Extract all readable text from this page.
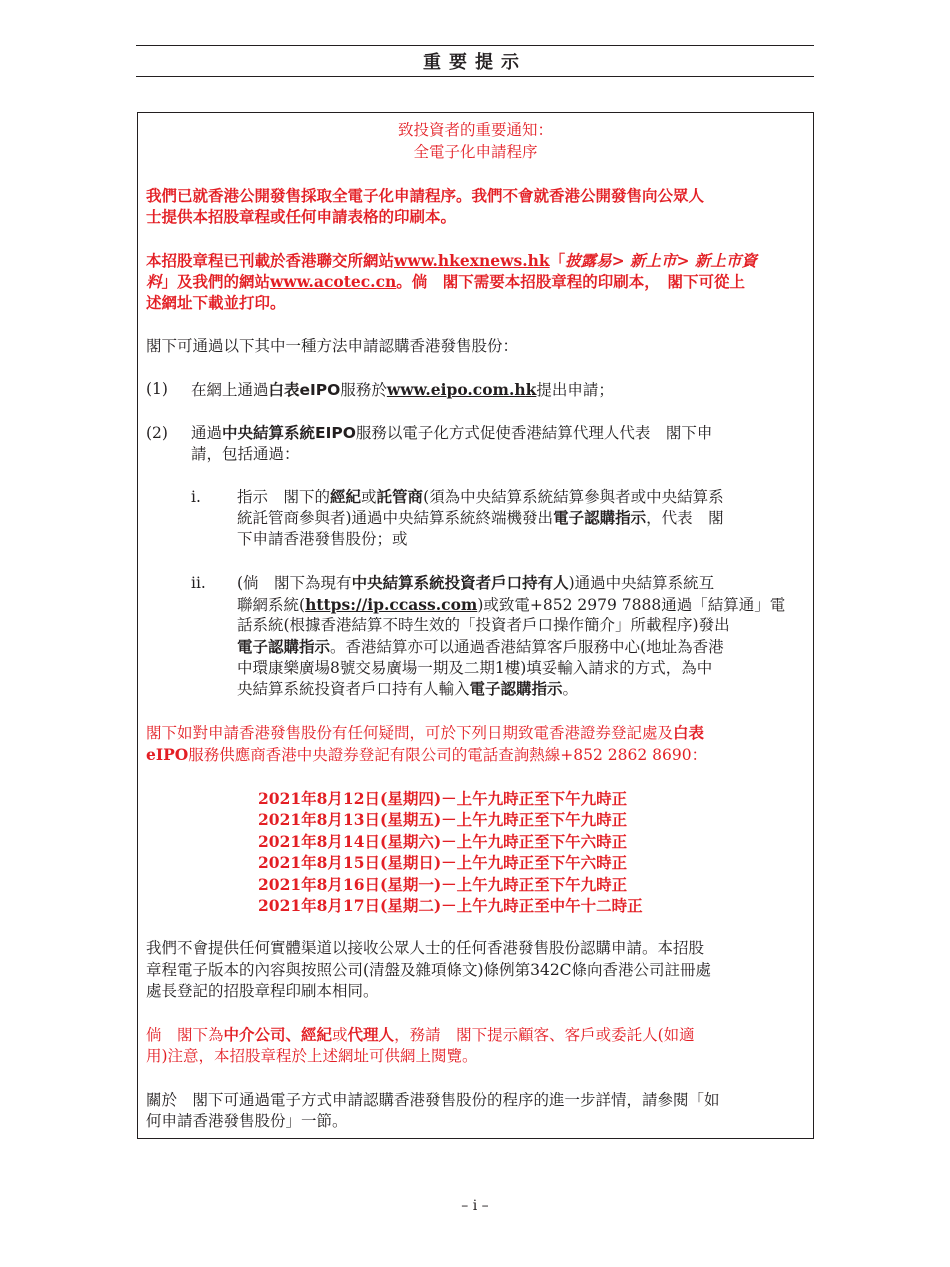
重要提示
致投資者的重要通知：
全電子化申請程序
我們已就香港公開發售採取全電子化申請程序。我們不會就香港公開發售向公眾人
士提供本招股章程或任何申請表格的印刷本。
本招股章程已刊載於香港聯交所網站www.hkexnews.hk「披露易> 新上市> 新上市資
料」及我們的網站www.acotec.cn。倘　閣下需要本招股章程的印刷本，　閣下可從上
述網址下載並打印。
閣下可通過以下其中一種方法申請認購香港發售股份：
(1) 在網上通過白表eIPO服務於www.eipo.com.hk提出申請；
(2) 通過中央結算系統EIPO服務以電子化方式促使香港結算代理人代表　閣下申
請，包括通過：
i. 指示　閣下的經紀或託管商(須為中央結算系統結算參與者或中央結算系
統託管商參與者)通過中央結算系統終端機發出電子認購指示，代表　閣
下申請香港發售股份；或
ii. (倘　閣下為現有中央結算系統投資者戶口持有人)通過中央結算系統互
聯網系統(https://ip.ccass.com)或致電+852 2979 7888通過「結算通」電
話系統(根據香港結算不時生效的「投資者戶口操作簡介」所載程序)發出
電子認購指示。香港結算亦可以通過香港結算客戶服務中心(地址為香港
中環康樂廣場8號交易廣場一期及二期1樓)填妥輸入請求的方式，為中
央結算系統投資者戶口持有人輸入電子認購指示。
閣下如對申請香港發售股份有任何疑問，可於下列日期致電香港證券登記處及白表
eIPO服務供應商香港中央證券登記有限公司的電話查詢熱線+852 2862 8690：
2021年8月12日(星期四)－上午九時正至下午九時正
2021年8月13日(星期五)－上午九時正至下午九時正
2021年8月14日(星期六)－上午九時正至下午六時正
2021年8月15日(星期日)－上午九時正至下午六時正
2021年8月16日(星期一)－上午九時正至下午九時正
2021年8月17日(星期二)－上午九時正至中午十二時正
我們不會提供任何實體渠道以接收公眾人士的任何香港發售股份認購申請。本招股
章程電子版本的內容與按照公司(清盤及雜項條文)條例第342C條向香港公司註冊處
處長登記的招股章程印刷本相同。
倘　閣下為中介公司、經紀或代理人，務請　閣下提示顧客、客戶或委託人(如適
用)注意，本招股章程於上述網址可供網上閱覽。
關於　閣下可通過電子方式申請認購香港發售股份的程序的進一步詳情，請參閱「如
何申請香港發售股份」一節。
– i –
